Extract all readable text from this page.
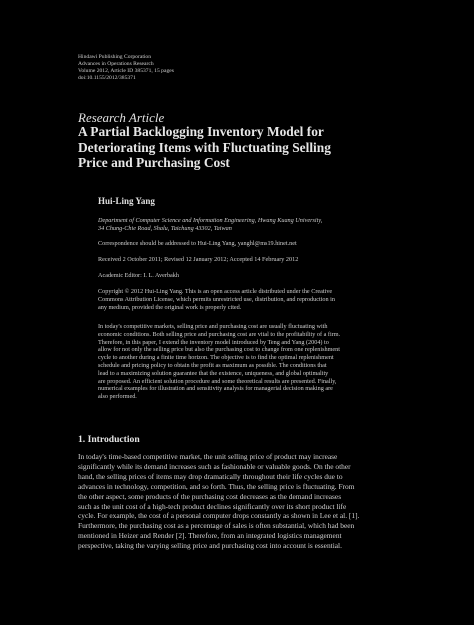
Hindawi Publishing Corporation
Advances in Operations Research
Volume 2012, Article ID 385371, 15 pages
doi:10.1155/2012/385371
Research Article
A Partial Backlogging Inventory Model for
Deteriorating Items with Fluctuating Selling
Price and Purchasing Cost
Hui-Ling Yang
Department of Computer Science and Information Engineering, Hwang Kuang University,
34 Chung-Chie Road, Shalu, Taichung 43302, Taiwan
Correspondence should be addressed to Hui-Ling Yang, yanghl@ms19.hinet.net
Received 2 October 2011; Revised 12 January 2012; Accepted 14 February 2012
Academic Editor: I. L. Averbakh
Copyright © 2012 Hui-Ling Yang. This is an open access article distributed under the Creative
Commons Attribution License, which permits unrestricted use, distribution, and reproduction in
any medium, provided the original work is properly cited.
In today's competitive markets, selling price and purchasing cost are usually fluctuating with
economic conditions. Both selling price and purchasing cost are vital to the profitability of a firm.
Therefore, in this paper, I extend the inventory model introduced by Teng and Yang (2004) to
allow for not only the selling price but also the purchasing cost to change from one replenishment
cycle to another during a finite time horizon. The objective is to find the optimal replenishment
schedule and pricing policy to obtain the profit as maximum as possible. The conditions that
lead to a maximizing solution guarantee that the existence, uniqueness, and global optimality
are proposed. An efficient solution procedure and some theoretical results are presented. Finally,
numerical examples for illustration and sensitivity analysis for managerial decision making are
also performed.
1. Introduction
In today's time-based competitive market, the unit selling price of product may increase
significantly while its demand increases such as fashionable or valuable goods. On the other
hand, the selling prices of items may drop dramatically throughout their life cycles due to
advances in technology, competition, and so forth. Thus, the selling price is fluctuating. From
the other aspect, some products of the purchasing cost decreases as the demand increases
such as the unit cost of a high-tech product declines significantly over its short product life
cycle. For example, the cost of a personal computer drops constantly as shown in Lee et al. [1].
Furthermore, the purchasing cost as a percentage of sales is often substantial, which had been
mentioned in Heizer and Render [2]. Therefore, from an integrated logistics management
perspective, taking the varying selling price and purchasing cost into account is essential.
